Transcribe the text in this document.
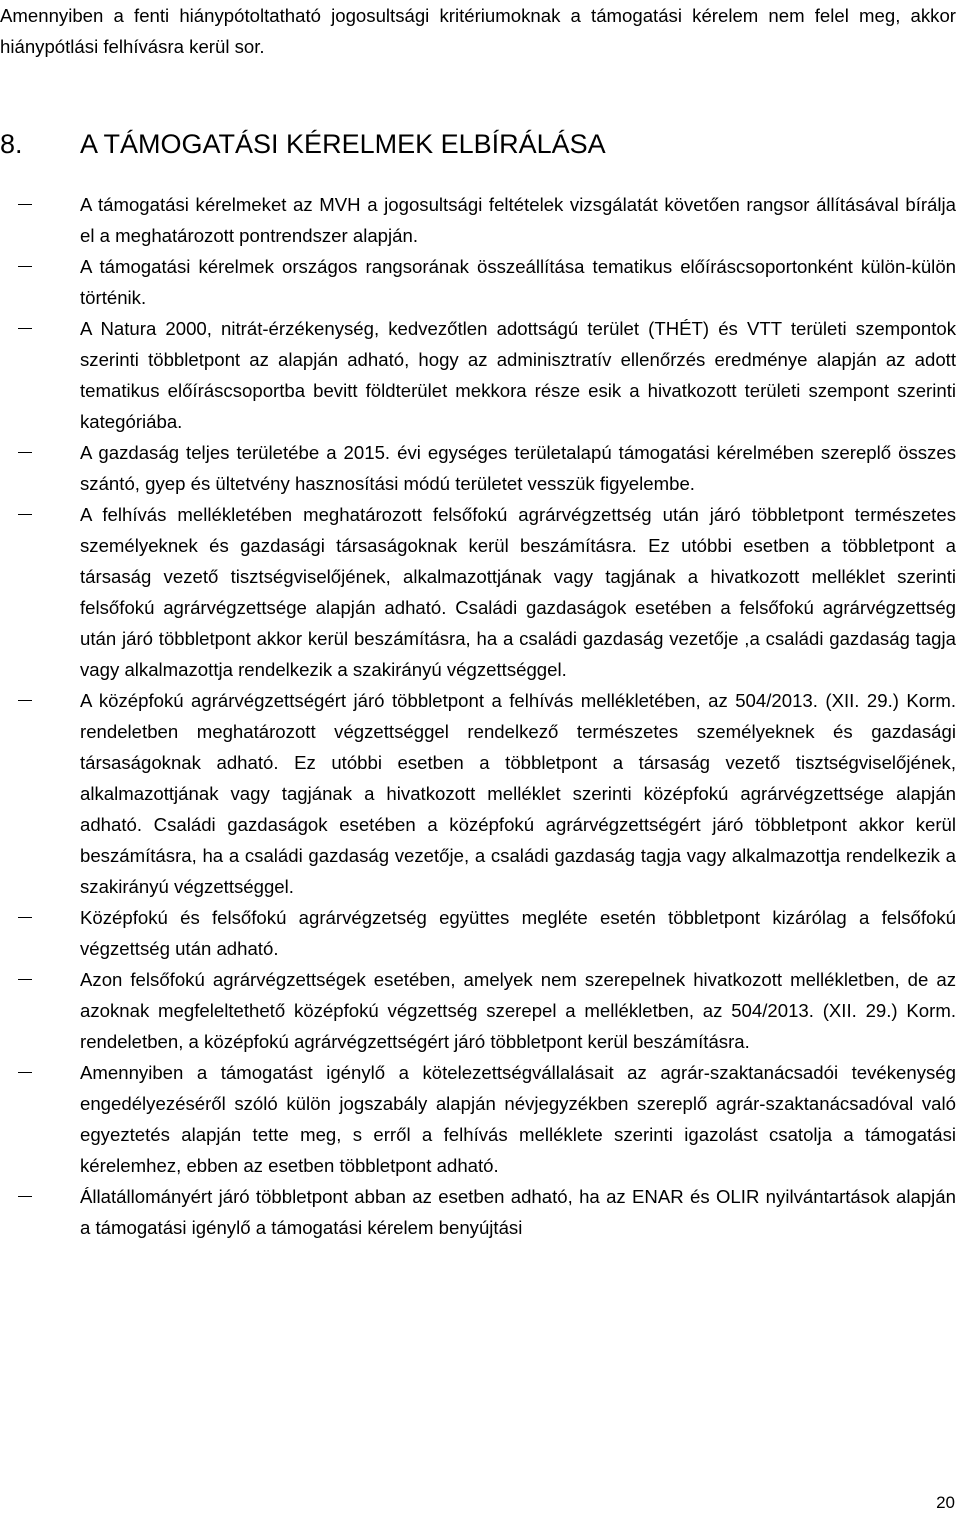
Amennyiben a fenti hiánypótoltatható jogosultsági kritériumoknak a támogatási kérelem nem felel meg, akkor hiánypótlási felhívásra kerül sor.

8. A TÁMOGATÁSI KÉRELMEK ELBÍRÁLÁSA
A támogatási kérelmeket az MVH a jogosultsági feltételek vizsgálatát követően rangsor állításával bírálja el a meghatározott pontrendszer alapján.
A támogatási kérelmek országos rangsorának összeállítása tematikus előíráscsoportonként külön-külön történik.
A Natura 2000, nitrát-érzékenység, kedvezőtlen adottságú terület (THÉT) és VTT területi szempontok szerinti többletpont az alapján adható, hogy az adminisztratív ellenőrzés eredménye alapján az adott tematikus előíráscsoportba bevitt földterület mekkora része esik a hivatkozott területi szempont szerinti kategóriába.
A gazdaság teljes területébe a 2015. évi egységes területalapú támogatási kérelmében szereplő összes szántó, gyep és ültetvény hasznosítási módú területet vesszük figyelembe.
A felhívás mellékletében meghatározott felsőfokú agrárvégzettség után járó többletpont természetes személyeknek és gazdasági társaságoknak kerül beszámításra. Ez utóbbi esetben a többletpont a társaság vezető tisztségviselőjének, alkalmazottjának vagy tagjának a hivatkozott melléklet szerinti felsőfokú agrárvégzettsége alapján adható. Családi gazdaságok esetében a felsőfokú agrárvégzettség után járó többletpont akkor kerül beszámításra, ha a családi gazdaság vezetője ,a családi gazdaság tagja vagy alkalmazottja rendelkezik a szakirányú végzettséggel.
A középfokú agrárvégzettségért járó többletpont a felhívás mellékletében, az 504/2013. (XII. 29.) Korm. rendeletben meghatározott végzettséggel rendelkező természetes személyeknek és gazdasági társaságoknak adható. Ez utóbbi esetben a többletpont a társaság vezető tisztségviselőjének, alkalmazottjának vagy tagjának a hivatkozott melléklet szerinti középfokú agrárvégzettsége alapján adható. Családi gazdaságok esetében a középfokú agrárvégzettségért járó többletpont akkor kerül beszámításra, ha a családi gazdaság vezetője, a családi gazdaság tagja vagy alkalmazottja rendelkezik a szakirányú végzettséggel.
Középfokú és felsőfokú agrárvégzetség együttes megléte esetén többletpont kizárólag a felsőfokú végzettség után adható.
Azon felsőfokú agrárvégzettségek esetében, amelyek nem szerepelnek hivatkozott mellékletben, de az azoknak megfeleltethető középfokú végzettség szerepel a mellékletben, az 504/2013. (XII. 29.) Korm. rendeletben, a középfokú agrárvégzettségért járó többletpont kerül beszámításra.
Amennyiben a támogatást igénylő a kötelezettségvállalásait az agrár-szaktanácsadói tevékenység engedélyezéséről szóló külön jogszabály alapján névjegyzékben szereplő agrár-szaktanácsadóval való egyeztetés alapján tette meg, s erről a felhívás melléklete szerinti igazolást csatolja a támogatási kérelemhez, ebben az esetben többletpont adható.
Állatállományért járó többletpont abban az esetben adható, ha az ENAR és OLIR nyilvántartások alapján a támogatási igénylő a támogatási kérelem benyújtási
20
